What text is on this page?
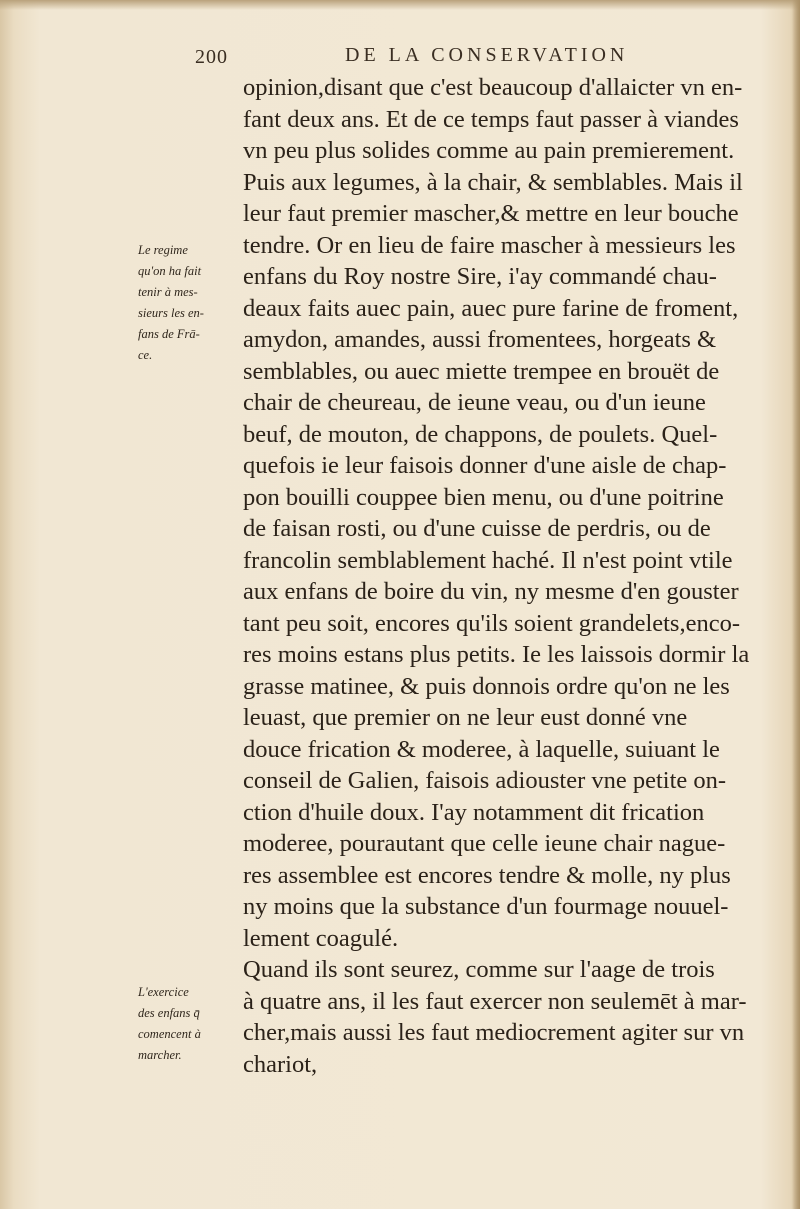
200	DE LA CONSERVATION
Le regime
qu'on ha fait
tenir à mes-
sieurs les en-
fans de Frā-
ce.
L'exercice
des enfans q̄
comencent à
marcher.
opinion,disant que c'est beaucoup d'allaicter vn en-
fant deux ans. Et de ce temps faut passer à viandes
vn peu plus solides comme au pain premierement.
Puis aux legumes, à la chair, & semblables. Mais il
leur faut premier mascher,& mettre en leur bouche
tendre. Or en lieu de faire mascher à messieurs les
enfans du Roy nostre Sire, i'ay commandé chau-
deaux faits auec pain, auec pure farine de froment,
amydon, amandes, aussi fromentees, horgeats &
semblables, ou auec miette trempee en brouët de
chair de cheureau, de ieune veau, ou d'un ieune
beuf, de mouton, de chappons, de poulets. Quel-
quefois ie leur faisois donner d'une aisle de chap-
pon bouilli couppee bien menu, ou d'une poitrine
de faisan rosti, ou d'une cuisse de perdris, ou de
francolin semblablement haché. Il n'est point vtile
aux enfans de boire du vin, ny mesme d'en gouster
tant peu soit, encores qu'ils soient grandelets,enco-
res moins estans plus petits. Ie les laissois dormir la
grasse matinee, & puis donnois ordre qu'on ne les
leuast, que premier on ne leur eust donné vne
douce frication & moderee, à laquelle, suiuant le
conseil de Galien, faisois adiouster vne petite on-
ction d'huile doux. I'ay notamment dit frication
moderee, pourautant que celle ieune chair nague-
res assemblee est encores tendre & molle, ny plus
ny moins que la substance d'un fourmage nouuel-
lement coagulé.
Quand ils sont seurez, comme sur l'aage de trois
à quatre ans, il les faut exercer non seulemēt à mar-
cher,mais aussi les faut mediocrement agiter sur vn
chariot,
